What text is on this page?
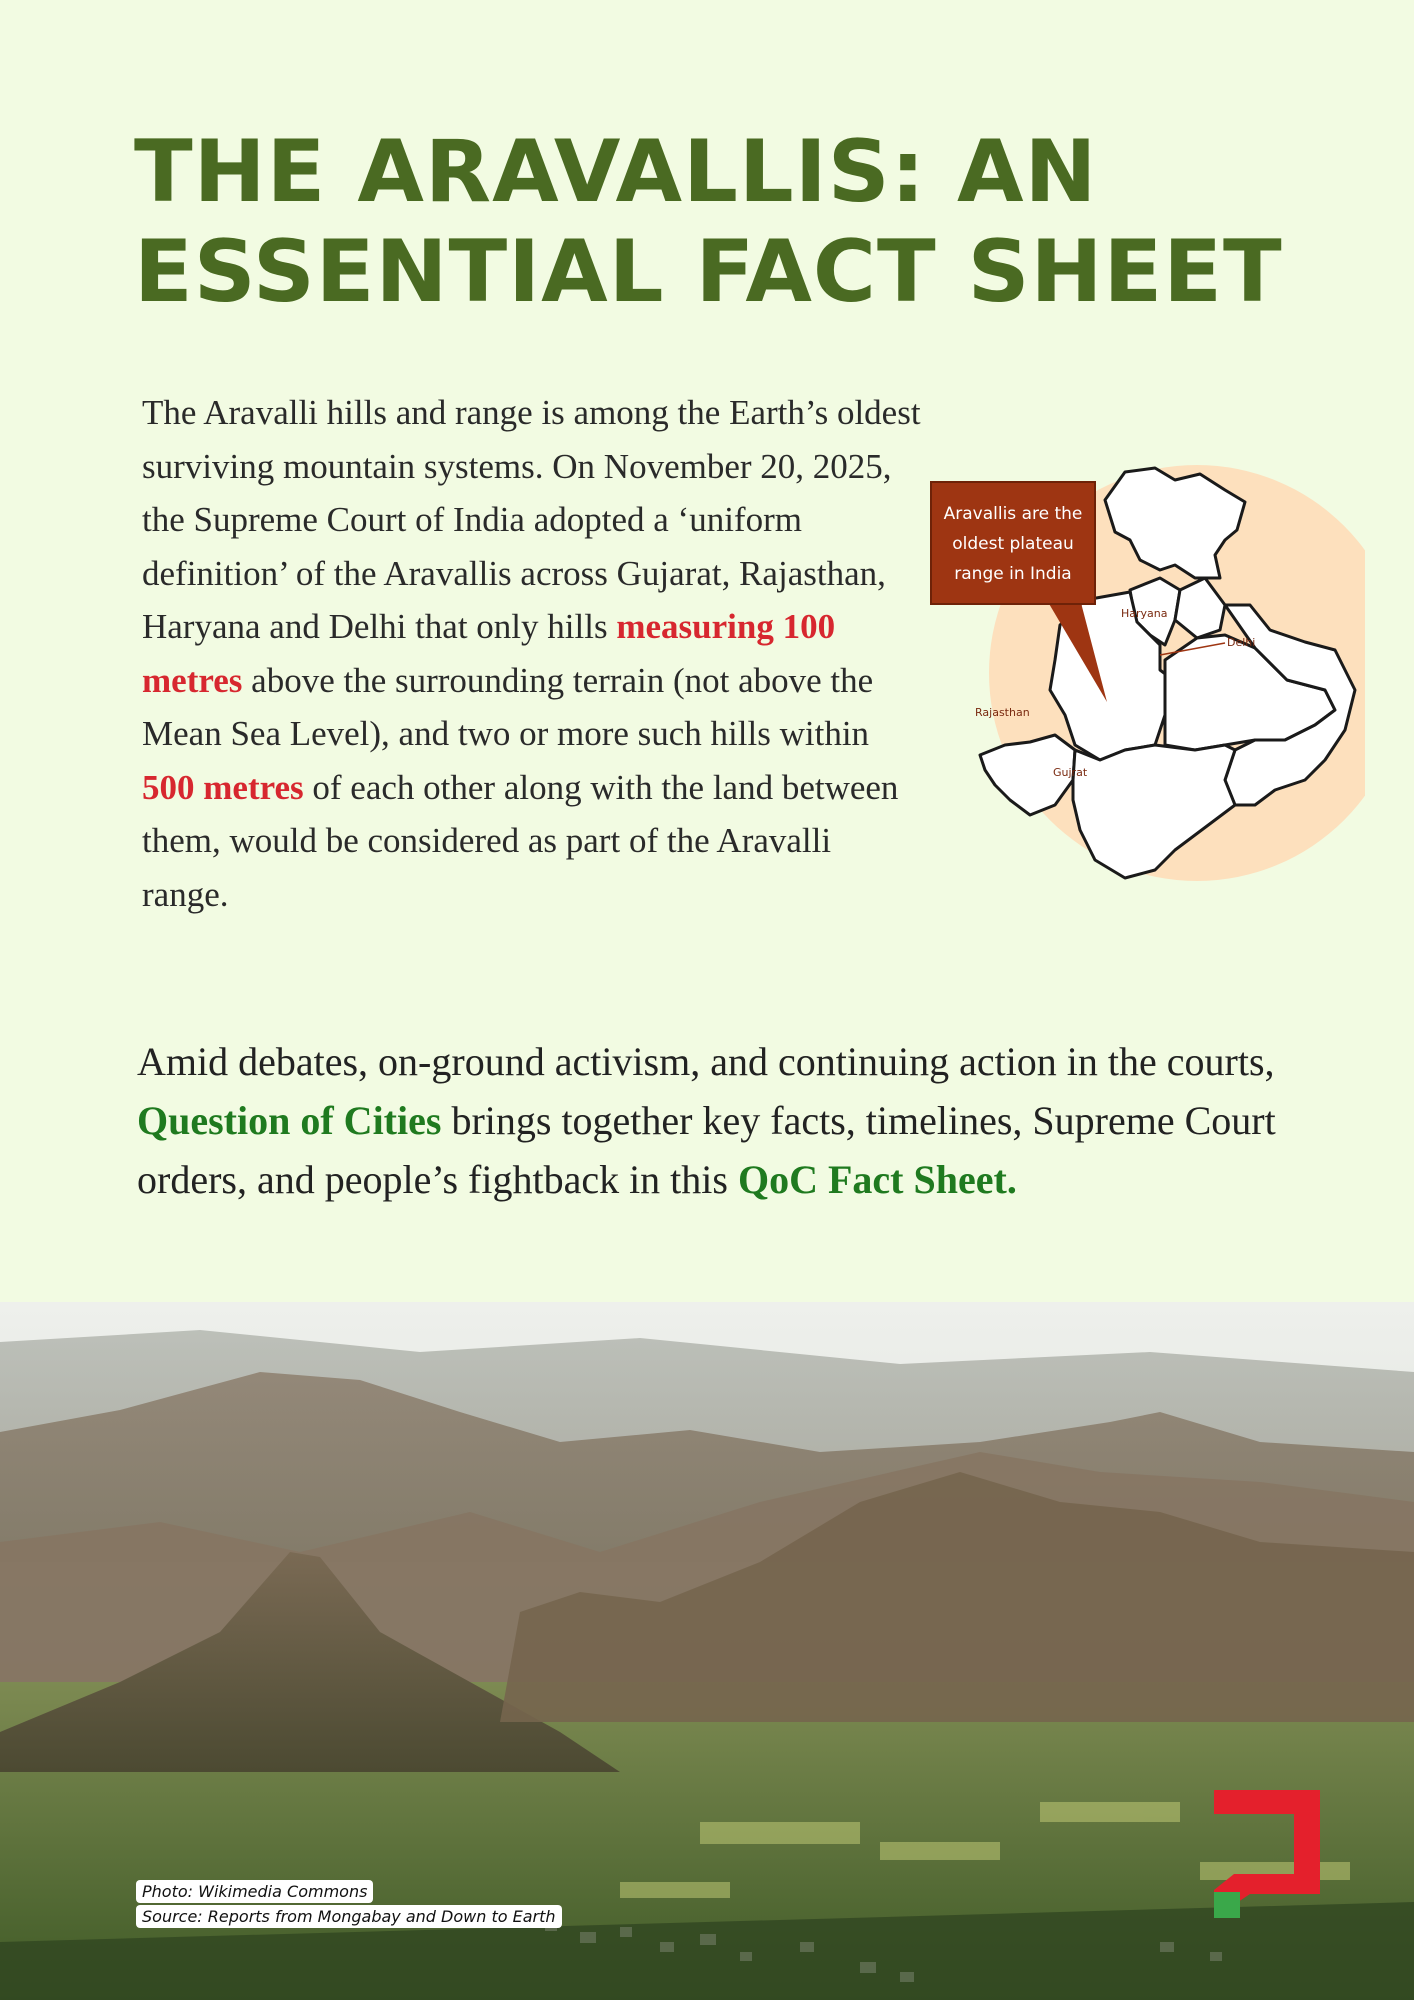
THE ARAVALLIS: AN
ESSENTIAL FACT SHEET

The Aravalli hills and range is among the Earth’s oldest surviving mountain systems. On November 20, 2025, the Supreme Court of India adopted a ‘uniform definition’ of the Aravallis across Gujarat, Rajasthan, Haryana and Delhi that only hills measuring 100 metres above the surrounding terrain (not above the Mean Sea Level), and two or more such hills within 500 metres of each other along with the land between them, would be considered as part of the Aravalli range.

Haryana
Delhi
Rajasthan
Gujrat
Aravallis are the
oldest plateau
range in India

Amid debates, on-ground activism, and continuing action in the courts, Question of Cities brings together key facts, timelines, Supreme Court orders, and people’s fightback in this QoC Fact Sheet.

Photo: Wikimedia Commons
Source: Reports from Mongabay and Down to Earth
